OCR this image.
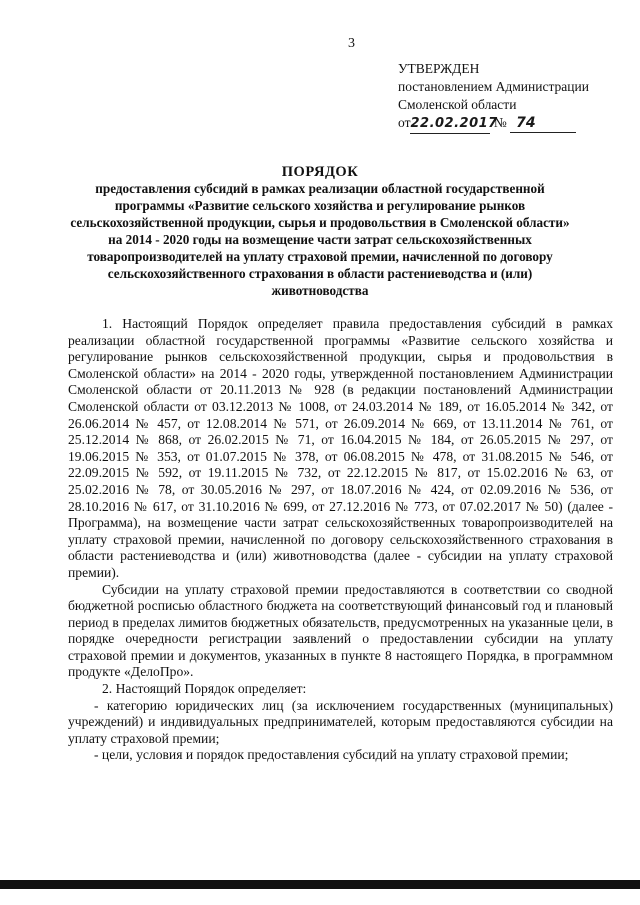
3
УТВЕРЖДЕН
постановлением Администрации
Смоленской области
от22.02.2017 № 74
ПОРЯДОК
предоставления субсидий в рамках реализации областной государственной программы «Развитие сельского хозяйства и регулирование рынков сельскохозяйственной продукции, сырья и продовольствия в Смоленской области» на 2014 - 2020 годы на возмещение части затрат сельскохозяйственных товаропроизводителей на уплату страховой премии, начисленной по договору сельскохозяйственного страхования в области растениеводства и (или) животноводства

1. Настоящий Порядок определяет правила предоставления субсидий в рамках реализации областной государственной программы «Развитие сельского хозяйства и регулирование рынков сельскохозяйственной продукции, сырья и продовольствия в Смоленской области» на 2014 - 2020 годы, утвержденной постановлением Администрации Смоленской области от 20.11.2013 № 928 (в редакции постановлений Администрации Смоленской области от 03.12.2013 № 1008, от 24.03.2014 № 189, от 16.05.2014 № 342, от 26.06.2014 № 457, от 12.08.2014 № 571, от 26.09.2014 № 669, от 13.11.2014 № 761, от 25.12.2014 № 868, от 26.02.2015 № 71, от 16.04.2015 № 184, от 26.05.2015 № 297, от 19.06.2015 № 353, от 01.07.2015 № 378, от 06.08.2015 № 478, от 31.08.2015 № 546, от 22.09.2015 № 592, от 19.11.2015 № 732, от 22.12.2015 № 817, от 15.02.2016 № 63, от 25.02.2016 № 78, от 30.05.2016 № 297, от 18.07.2016 № 424, от 02.09.2016 № 536, от 28.10.2016 № 617, от 31.10.2016 № 699, от 27.12.2016 № 773, от 07.02.2017 № 50) (далее - Программа), на возмещение части затрат сельскохозяйственных товаропроизводителей на уплату страховой премии, начисленной по договору сельскохозяйственного страхования в области растениеводства и (или) животноводства (далее - субсидии на уплату страховой премии).

Субсидии на уплату страховой премии предоставляются в соответствии со сводной бюджетной росписью областного бюджета на соответствующий финансовый год и плановый период в пределах лимитов бюджетных обязательств, предусмотренных на указанные цели, в порядке очередности регистрации заявлений о предоставлении субсидии на уплату страховой премии и документов, указанных в пункте 8 настоящего Порядка, в программном продукте «ДелоПро».

2. Настоящий Порядок определяет:

- категорию юридических лиц (за исключением государственных (муниципальных) учреждений) и индивидуальных предпринимателей, которым предоставляются субсидии на уплату страховой премии;

- цели, условия и порядок предоставления субсидий на уплату страховой премии;
